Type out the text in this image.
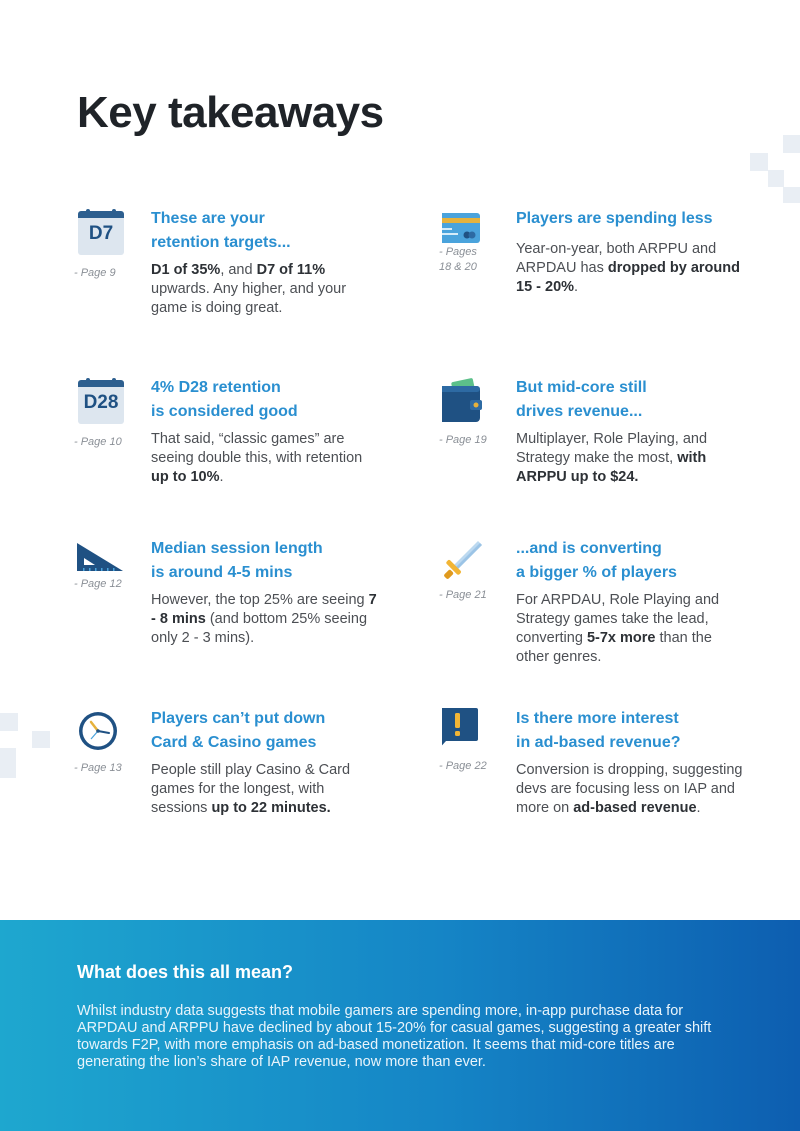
Key takeaways
D7
- Page 9
These are your
retention targets...
D1 of 35%, and D7 of 11% upwards. Any higher, and your game is doing great.
- Pages 18 & 20
Players are spending less
Year-on-year, both ARPPU and ARPDAU has dropped by around 15 - 20%.
D28
- Page 10
4% D28 retention
is considered good
That said, “classic games” are seeing double this, with retention up to 10%.
- Page 19
But mid-core still
drives revenue...
Multiplayer, Role Playing, and Strategy make the most, with ARPPU up to $24.
- Page 12
Median session length
is around 4-5 mins
However, the top 25% are seeing 7 - 8 mins (and bottom 25% seeing only 2 - 3 mins).
- Page 21
...and is converting
a bigger % of players
For ARPDAU, Role Playing and Strategy games take the lead, converting 5-7x more than the other genres.
- Page 13
Players can’t put down
Card & Casino games
People still play Casino & Card games for the longest, with sessions up to 22 minutes.
- Page 22
Is there more interest
in ad-based revenue?
Conversion is dropping, suggesting devs are focusing less on IAP and more on ad-based revenue.
What does this all mean?
Whilst industry data suggests that mobile gamers are spending more, in-app purchase data for ARPDAU and ARPPU have declined by about 15-20% for casual games, suggesting a greater shift towards F2P, with more emphasis on ad-based monetization. It seems that mid-core titles are generating the lion’s share of IAP revenue, now more than ever.
